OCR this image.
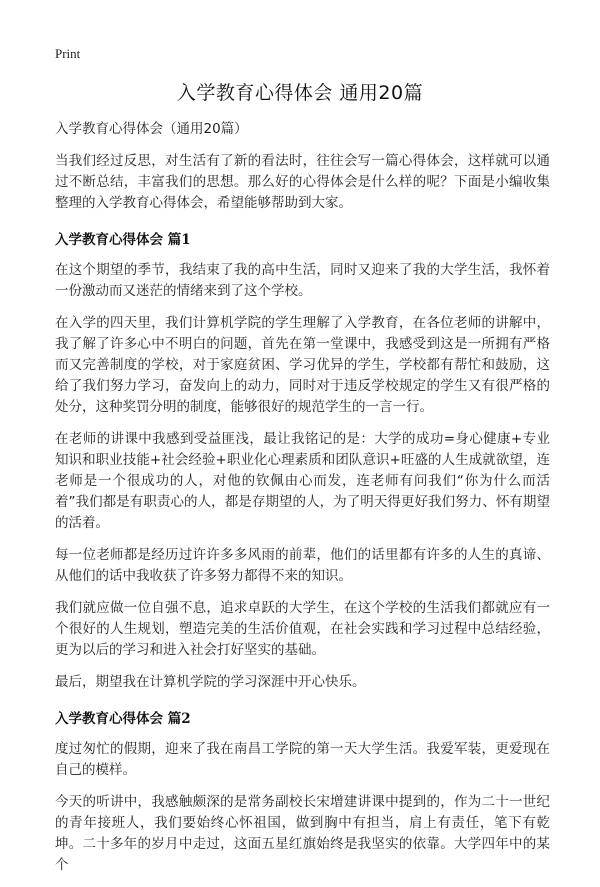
Print
入学教育心得体会 通用20篇
入学教育心得体会（通用20篇）

当我们经过反思，对生活有了新的看法时，往往会写一篇心得体会，这样就可以通过不断总结，丰富我们的思想。那么好的心得体会是什么样的呢？下面是小编收集整理的入学教育心得体会，希望能够帮助到大家。

入学教育心得体会 篇1

在这个期望的季节，我结束了我的高中生活，同时又迎来了我的大学生活，我怀着一份激动而又迷茫的情绪来到了这个学校。

在入学的四天里，我们计算机学院的学生理解了入学教育，在各位老师的讲解中，我了解了许多心中不明白的问题，首先在第一堂课中，我感受到这是一所拥有严格而又完善制度的学校，对于家庭贫困、学习优异的学生，学校都有帮忙和鼓励，这给了我们努力学习，奋发向上的动力，同时对于违反学校规定的学生又有很严格的处分，这种奖罚分明的制度，能够很好的规范学生的一言一行。

在老师的讲课中我感到受益匪浅，最让我铭记的是：大学的成功=身心健康+专业知识和职业技能+社会经验+职业化心理素质和团队意识+旺盛的人生成就欲望，连老师是一个很成功的人，对他的钦佩由心而发，连老师有问我们“你为什么而活着”我们都是有职责心的人，都是存期望的人，为了明天得更好我们努力、怀有期望的活着。

每一位老师都是经历过许许多多风雨的前辈，他们的话里都有许多的人生的真谛、从他们的话中我收获了许多努力都得不来的知识。

我们就应做一位自强不息，追求卓跃的大学生，在这个学校的生活我们都就应有一个很好的人生规划，塑造完美的生活价值观，在社会实践和学习过程中总结经验，更为以后的学习和进入社会打好坚实的基础。

最后，期望我在计算机学院的学习深涯中开心快乐。

入学教育心得体会 篇2

度过匆忙的假期，迎来了我在南昌工学院的第一天大学生活。我爱军装，更爱现在自己的模样。

今天的听讲中，我感触颇深的是常务副校长宋增建讲课中提到的，作为二十一世纪的青年接班人，我们要始终心怀祖国，做到胸中有担当，肩上有责任，笔下有乾坤。二十多年的岁月中走过，这面五星红旗始终是我坚实的依靠。大学四年中的某个
